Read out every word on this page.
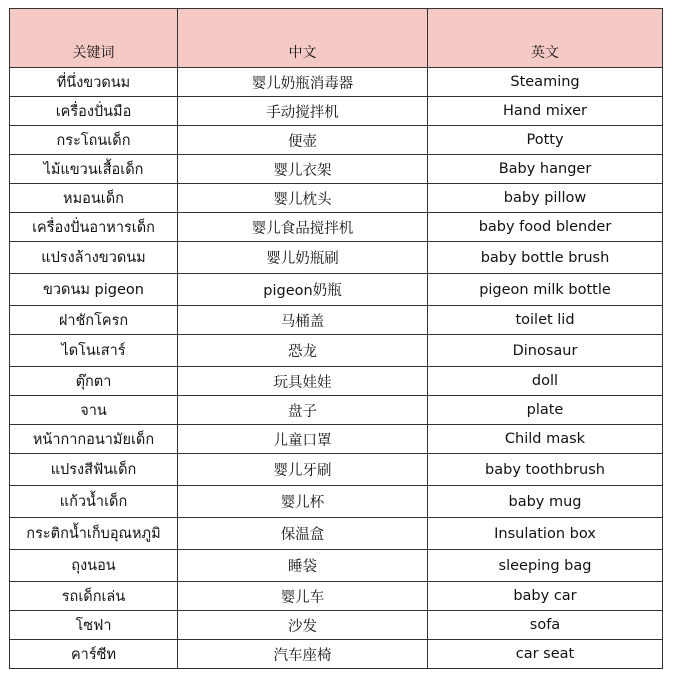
关键词	中文	英文
ที่นึ่งขวดนม	婴儿奶瓶消毒器	Steaming
เครื่องปั่นมือ	手动搅拌机	Hand mixer
กระโถนเด็ก	便壶	Potty
ไม้แขวนเสื้อเด็ก	婴儿衣架	Baby hanger
หมอนเด็ก	婴儿枕头	baby pillow
เครื่องปั่นอาหารเด็ก	婴儿食品搅拌机	baby food blender
แปรงล้างขวดนม	婴儿奶瓶刷	baby bottle brush
ขวดนม pigeon	pigeon奶瓶	pigeon milk bottle
ฝาชักโครก	马桶盖	toilet lid
ไดโนเสาร์	恐龙	Dinosaur
ตุ๊กตา	玩具娃娃	doll
จาน	盘子	plate
หน้ากากอนามัยเด็ก	儿童口罩	Child mask
แปรงสีฟันเด็ก	婴儿牙刷	baby toothbrush
แก้วน้ำเด็ก	婴儿杯	baby mug
กระติกน้ำเก็บอุณหภูมิ	保温盒	Insulation box
ถุงนอน	睡袋	sleeping bag
รถเด็กเล่น	婴儿车	baby car
โซฟา	沙发	sofa
คาร์ซีท	汽车座椅	car seat
